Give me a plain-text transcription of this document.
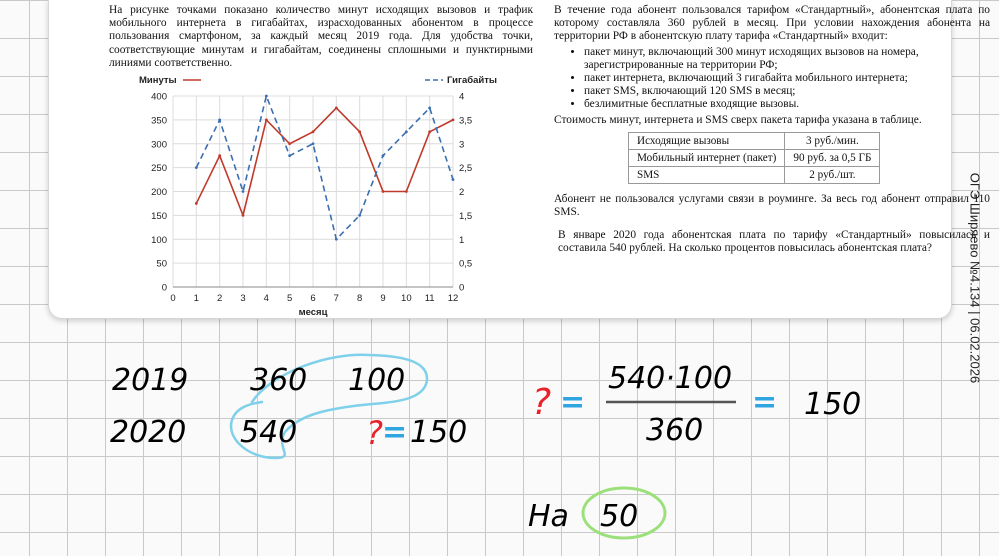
На рисунке точками показано количество минут исходящих вызовов и трафик мобильного интернета в гигабайтах, израсходованных абонентом в процессе пользования смартфоном, за каждый месяц 2019 года. Для удобства точки, соответствующие минутам и гигабайтам, соединены сплошными и пунктирными линиями соответственно.

0	0
50	0,5
100	1
150	1,5
200	2
250	2,5
300	3
350	3,5
400	4
0 1 2 3 4 5 6 7 8 9 10 11 12
месяц
Минуты	Гигабайты

В течение года абонент пользовался тарифом «Стандартный», абонентская плата по которому составляла 360 рублей в месяц. При условии нахождения абонента на территории РФ в абонентскую плату тарифа «Стандартный» входит:

• пакет минут, включающий 300 минут исходящих вызовов на номера, зарегистрированные на территории РФ;
• пакет интернета, включающий 3 гигабайта мобильного интернета;
• пакет SMS, включающий 120 SMS в месяц;
• безлимитные бесплатные входящие вызовы.

Стоимость минут, интернета и SMS сверх пакета тарифа указана в таблице.

Исходящие вызовы	3 руб./мин.
Мобильный интернет (пакет)	90 руб. за 0,5 ГБ
SMS	2 руб./шт.

Абонент не пользовался услугами связи в роуминге. За весь год абонент отправил 110 SMS.

В январе 2020 года абонентская плата по тарифу «Стандартный» повысилась и составила 540 рублей. На сколько процентов повысилась абонентская плата?	ОГЭ Ширяево №4.134 | 06.02.2026
2019 360 100
2020 540 ? = 150
? =
540·100
360
= 150
На 50
